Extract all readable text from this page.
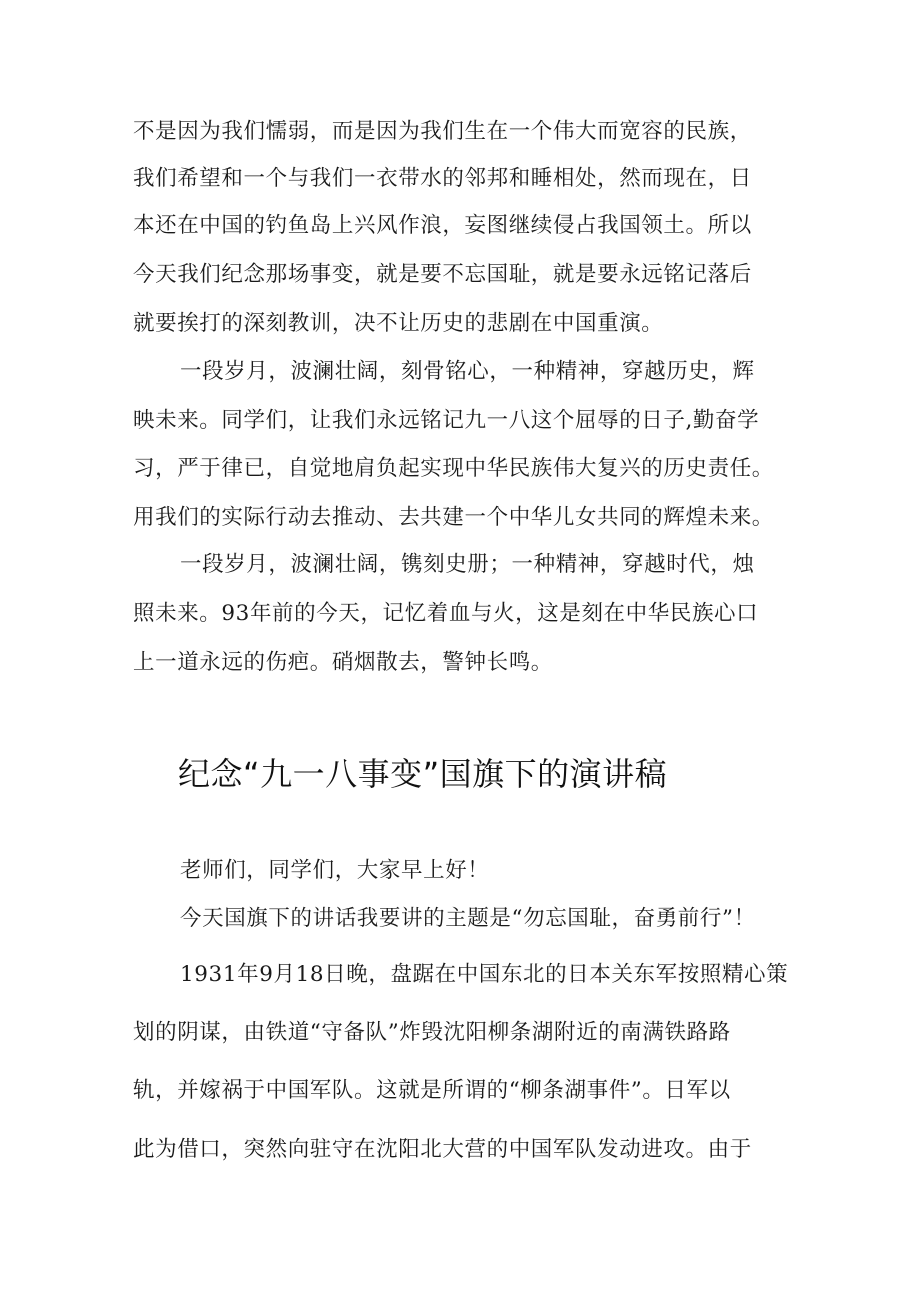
不是因为我们懦弱，而是因为我们生在一个伟大而宽容的民族，
我们希望和一个与我们一衣带水的邻邦和睡相处，然而现在，日
本还在中国的钓鱼岛上兴风作浪，妄图继续侵占我国领土。所以
今天我们纪念那场事变，就是要不忘国耻，就是要永远铭记落后
就要挨打的深刻教训，决不让历史的悲剧在中国重演。
一段岁月，波澜壮阔，刻骨铭心，一种精神，穿越历史，辉
映未来。同学们，让我们永远铭记九一八这个屈辱的日子,勤奋学
习，严于律已，自觉地肩负起实现中华民族伟大复兴的历史责任。
用我们的实际行动去推动、去共建一个中华儿女共同的辉煌未来。
一段岁月，波澜壮阔，镌刻史册；一种精神，穿越时代，烛
照未来。93年前的今天，记忆着血与火，这是刻在中华民族心口
上一道永远的伤疤。硝烟散去，警钟长鸣。
纪念“九一八事变”国旗下的演讲稿
老师们，同学们，大家早上好！
今天国旗下的讲话我要讲的主题是“勿忘国耻，奋勇前行”！
1931年9月18日晚，盘踞在中国东北的日本关东军按照精心策
划的阴谋，由铁道“守备队”炸毁沈阳柳条湖附近的南满铁路路
轨，并嫁祸于中国军队。这就是所谓的“柳条湖事件”。日军以
此为借口，突然向驻守在沈阳北大营的中国军队发动进攻。由于
